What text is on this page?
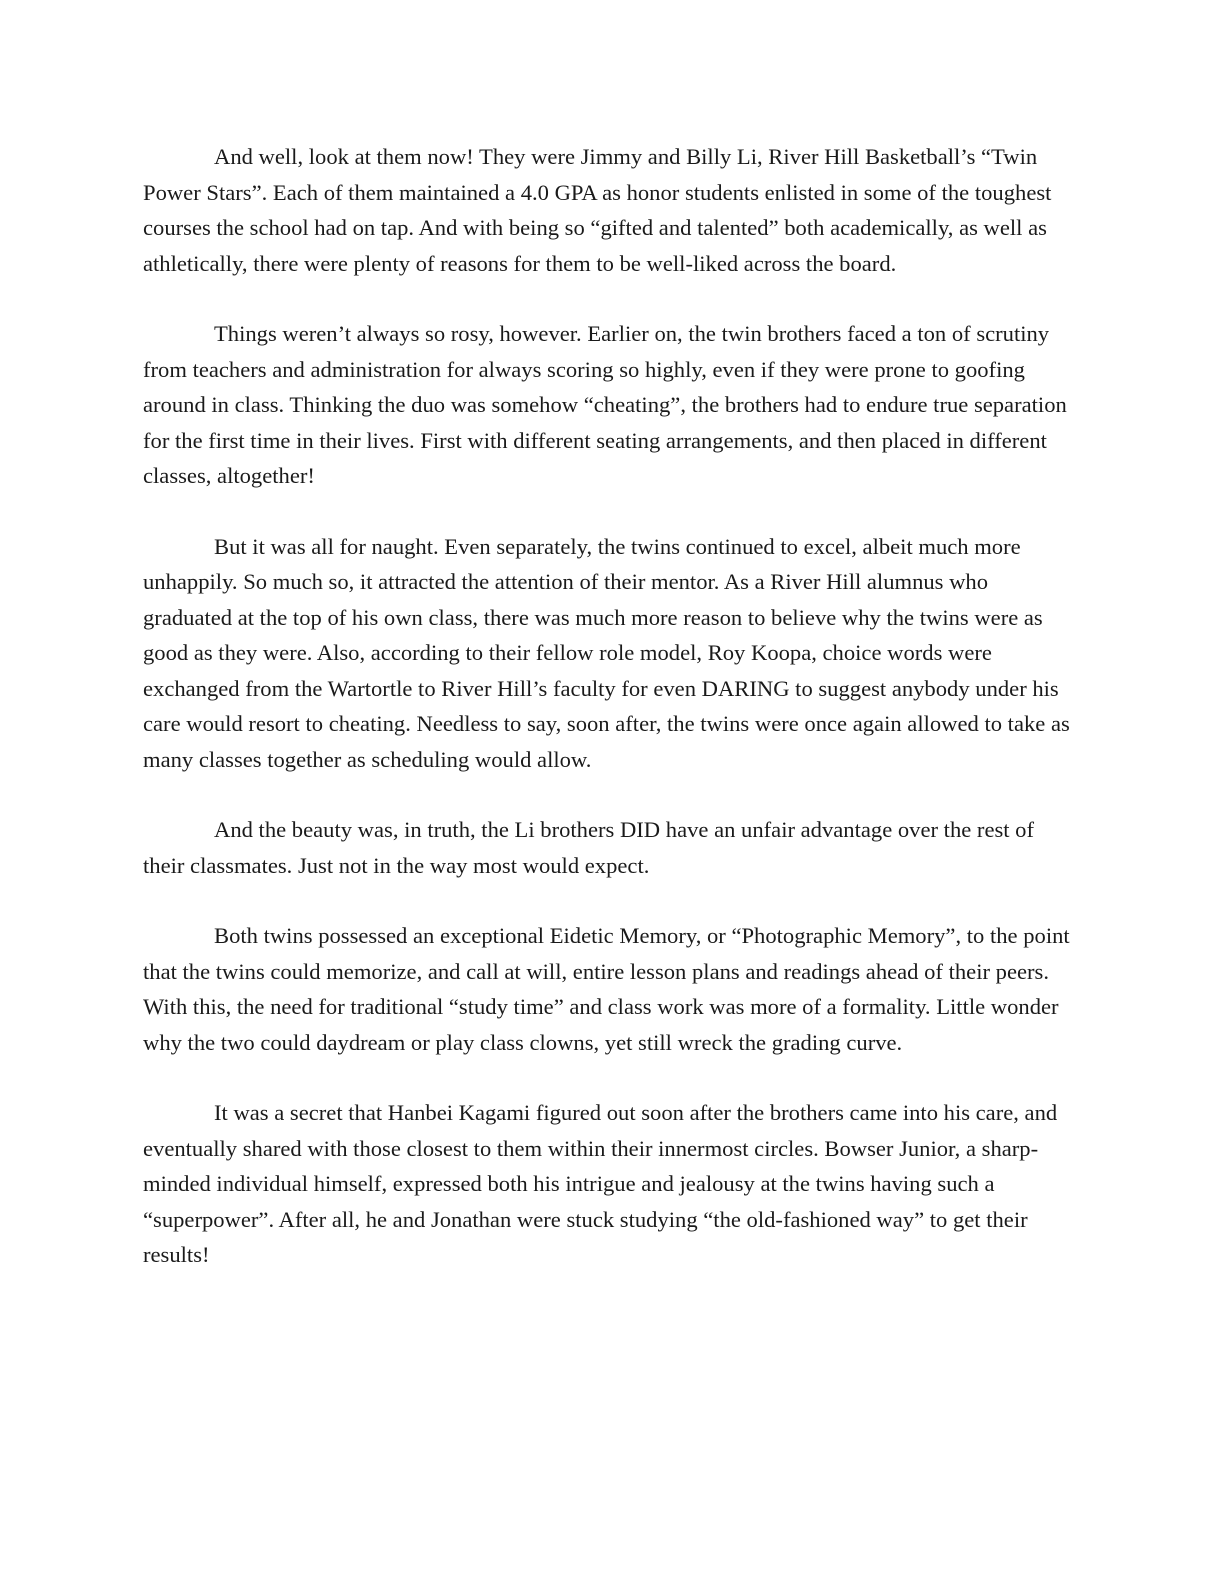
And well, look at them now! They were Jimmy and Billy Li, River Hill Basketball’s “Twin Power Stars”. Each of them maintained a 4.0 GPA as honor students enlisted in some of the toughest courses the school had on tap. And with being so “gifted and talented” both academically, as well as athletically, there were plenty of reasons for them to be well-liked across the board.

Things weren’t always so rosy, however. Earlier on, the twin brothers faced a ton of scrutiny from teachers and administration for always scoring so highly, even if they were prone to goofing around in class. Thinking the duo was somehow “cheating”, the brothers had to endure true separation for the first time in their lives. First with different seating arrangements, and then placed in different classes, altogether!

But it was all for naught. Even separately, the twins continued to excel, albeit much more unhappily. So much so, it attracted the attention of their mentor. As a River Hill alumnus who graduated at the top of his own class, there was much more reason to believe why the twins were as good as they were. Also, according to their fellow role model, Roy Koopa, choice words were exchanged from the Wartortle to River Hill’s faculty for even DARING to suggest anybody under his care would resort to cheating. Needless to say, soon after, the twins were once again allowed to take as many classes together as scheduling would allow.

And the beauty was, in truth, the Li brothers DID have an unfair advantage over the rest of their classmates. Just not in the way most would expect.

Both twins possessed an exceptional Eidetic Memory, or “Photographic Memory”, to the point that the twins could memorize, and call at will, entire lesson plans and readings ahead of their peers. With this, the need for traditional “study time” and class work was more of a formality. Little wonder why the two could daydream or play class clowns, yet still wreck the grading curve.

It was a secret that Hanbei Kagami figured out soon after the brothers came into his care, and eventually shared with those closest to them within their innermost circles. Bowser Junior, a sharp-minded individual himself, expressed both his intrigue and jealousy at the twins having such a “superpower”. After all, he and Jonathan were stuck studying “the old-fashioned way” to get their results!
